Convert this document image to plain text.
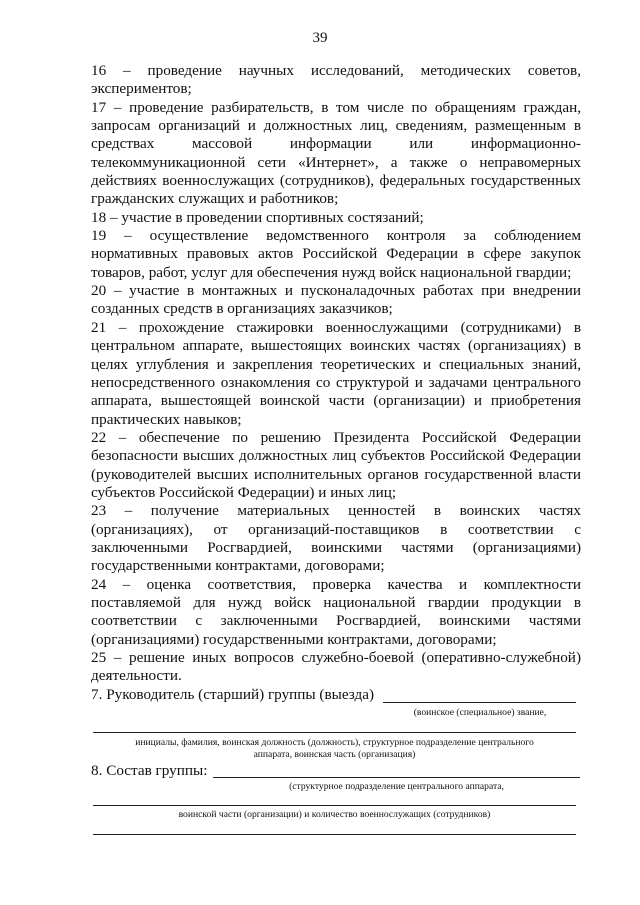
39

16 – проведение научных исследований, методических советов, экспериментов;

17 – проведение разбирательств, в том числе по обращениям граждан, запросам организаций и должностных лиц, сведениям, размещенным в средствах массовой информации или информационно-телекоммуникационной сети «Интернет», а также о неправомерных действиях военнослужащих (сотрудников), федеральных государственных гражданских служащих и работников;

18 – участие в проведении спортивных состязаний;

19 – осуществление ведомственного контроля за соблюдением нормативных правовых актов Российской Федерации в сфере закупок товаров, работ, услуг для обеспечения нужд войск национальной гвардии;

20 – участие в монтажных и пусконаладочных работах при внедрении созданных средств в организациях заказчиков;

21 – прохождение стажировки военнослужащими (сотрудниками) в центральном аппарате, вышестоящих воинских частях (организациях) в целях углубления и закрепления теоретических и специальных знаний, непосредственного ознакомления со структурой и задачами центрального аппарата, вышестоящей воинской части (организации) и приобретения практических навыков;

22 – обеспечение по решению Президента Российской Федерации безопасности высших должностных лиц субъектов Российской Федерации (руководителей высших исполнительных органов государственной власти субъектов Российской Федерации) и иных лиц;

23 – получение материальных ценностей в воинских частях (организациях), от организаций-поставщиков в соответствии с заключенными Росгвардией, воинскими частями (организациями) государственными контрактами, договорами;

24 – оценка соответствия, проверка качества и комплектности поставляемой для нужд войск национальной гвардии продукции в соответствии с заключенными Росгвардией, воинскими частями (организациями) государственными контрактами, договорами;

25 – решение иных вопросов служебно-боевой (оперативно-служебной) деятельности.

7. Руководитель (старший) группы (выезда)
(воинское (специальное) звание,
инициалы, фамилия, воинская должность (должность), структурное подразделение центрального
аппарата, воинская часть (организация)
8. Состав группы:
(структурное подразделение центрального аппарата,
воинской части (организации) и количество военнослужащих (сотрудников)
